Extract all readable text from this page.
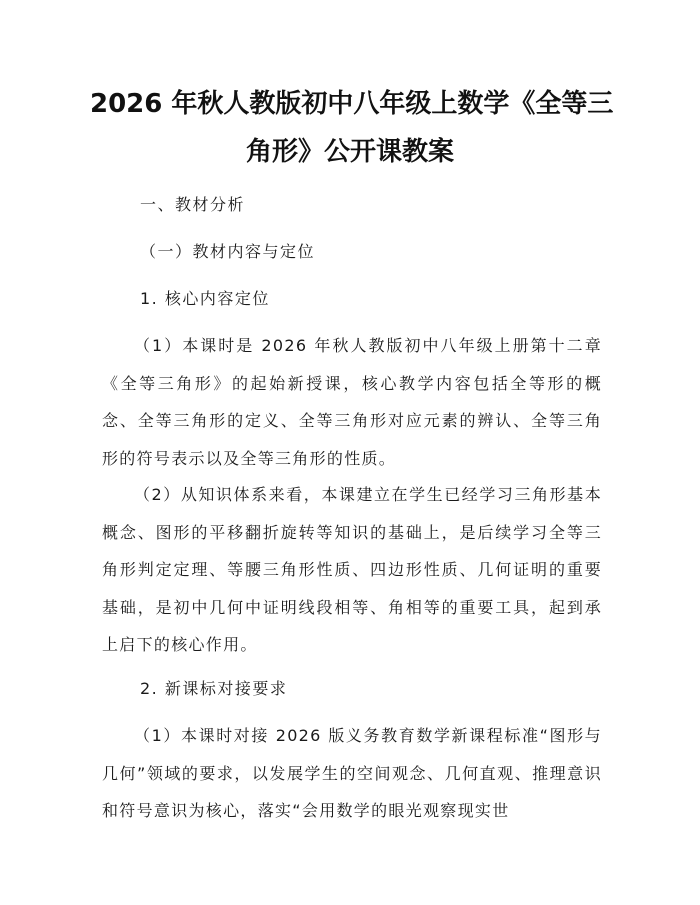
2026 年秋人教版初中八年级上数学《全等三
角形》公开课教案

一、教材分析

（一）教材内容与定位

1. 核心内容定位

（1）本课时是 2026 年秋人教版初中八年级上册第十二章《全等三角形》的起始新授课，核心教学内容包括全等形的概念、全等三角形的定义、全等三角形对应元素的辨认、全等三角形的符号表示以及全等三角形的性质。

（2）从知识体系来看，本课建立在学生已经学习三角形基本概念、图形的平移翻折旋转等知识的基础上，是后续学习全等三角形判定定理、等腰三角形性质、四边形性质、几何证明的重要基础，是初中几何中证明线段相等、角相等的重要工具，起到承上启下的核心作用。

2. 新课标对接要求

（1）本课时对接 2026 版义务教育数学新课程标准“图形与几何”领域的要求，以发展学生的空间观念、几何直观、推理意识和符号意识为核心，落实“会用数学的眼光观察现实世
